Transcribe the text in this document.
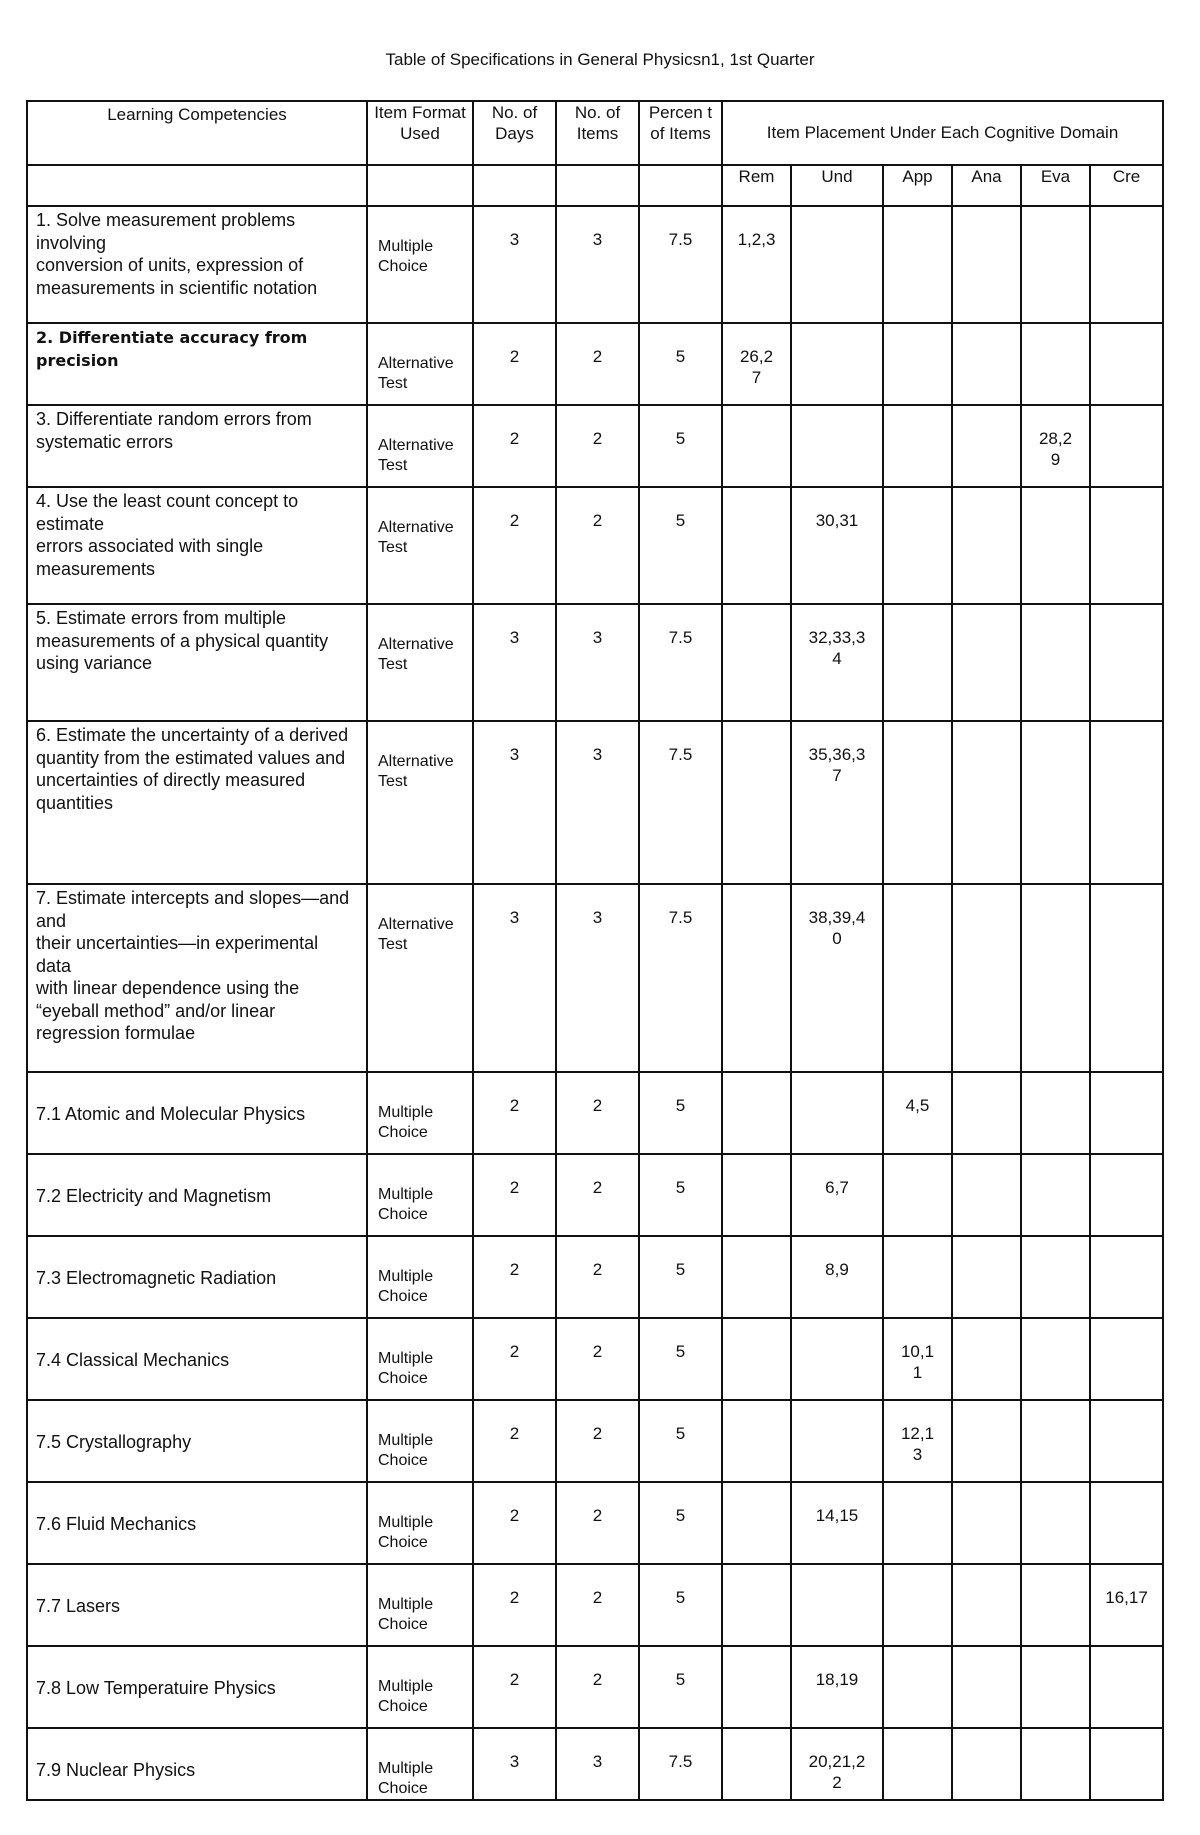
Table of Specifications in General Physicsn1, 1st Quarter
Learning Competencies	Item Format Used	No. of Days	No. of Items	Percen t of Items	Item Placement Under Each Cognitive Domain					
					Rem	Und	App	Ana	Eva	Cre
1. Solve measurement problems involving
conversion of units, expression of measurements in scientific notation	Multiple Choice	3	3	7.5	1,2,3					
2. Differentiate accuracy from precision	Alternative Test	2	2	5	26,27					
3. Differentiate random errors from systematic errors	Alternative Test	2	2	5					28,29	
4. Use the least count concept to estimate
errors associated with single measurements	Alternative Test	2	2	5		30,31				
5. Estimate errors from multiple measurements of a physical quantity
using variance	Alternative Test	3	3	7.5		32,33,34				
6. Estimate the uncertainty of a derived
quantity from the estimated values and
uncertainties of directly measured quantities	Alternative Test	3	3	7.5		35,36,37				
7. Estimate intercepts and slopes—and and
their uncertainties—in experimental data
with linear dependence using the “eyeball method” and/or linear regression formulae	Alternative Test	3	3	7.5		38,39,40				
7.1 Atomic and Molecular Physics	Multiple Choice	2	2	5			4,5			
7.2 Electricity and Magnetism	Multiple Choice	2	2	5		6,7				
7.3 Electromagnetic Radiation	Multiple Choice	2	2	5		8,9				
7.4 Classical Mechanics	Multiple Choice	2	2	5			10,11			
7.5 Crystallography	Multiple Choice	2	2	5			12,13			
7.6 Fluid Mechanics	Multiple Choice	2	2	5		14,15				
7.7 Lasers	Multiple Choice	2	2	5						16,17
7.8 Low Temperatuire Physics	Multiple Choice	2	2	5		18,19				
7.9 Nuclear Physics	Multiple Choice	3	3	7.5		20,21,22				
